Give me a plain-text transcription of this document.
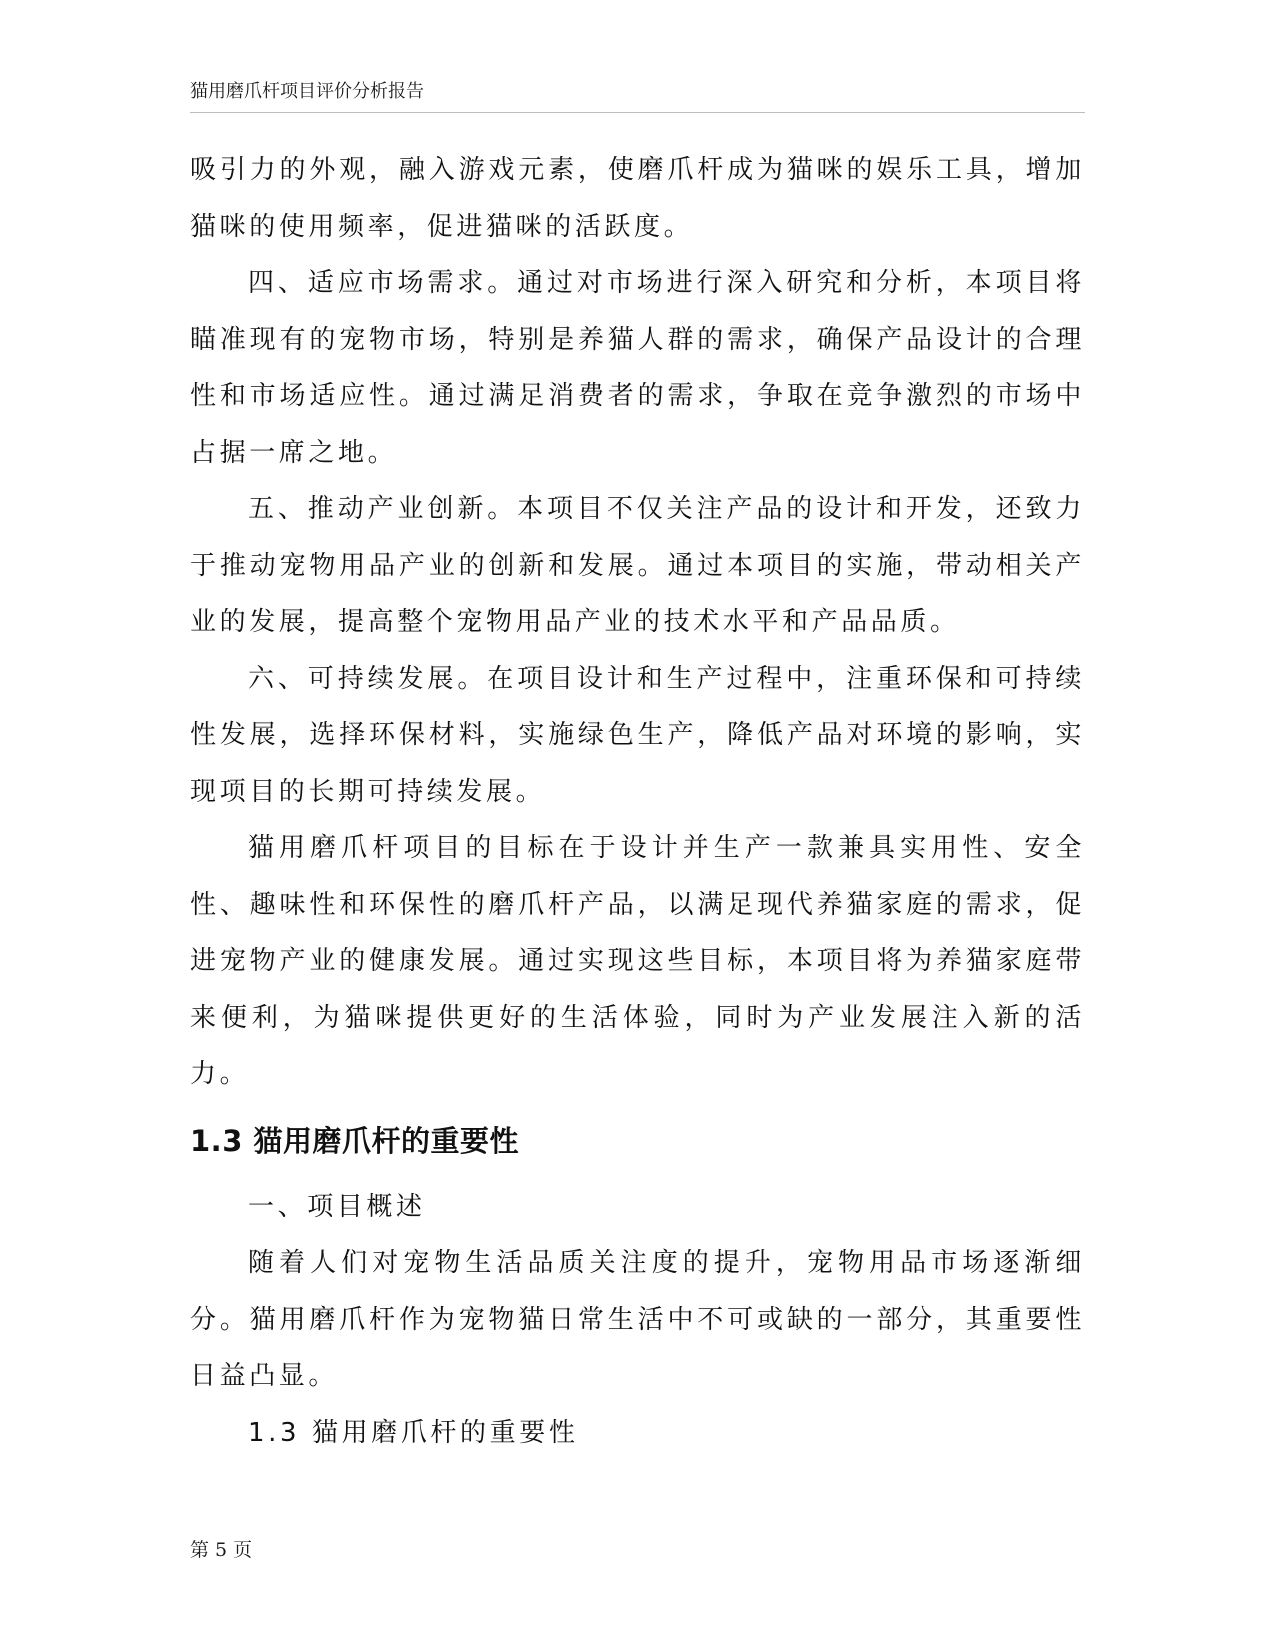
猫用磨爪杆项目评价分析报告

吸引力的外观，融入游戏元素，使磨爪杆成为猫咪的娱乐工具，增加猫咪的使用频率，促进猫咪的活跃度。

四、适应市场需求。通过对市场进行深入研究和分析，本项目将瞄准现有的宠物市场，特别是养猫人群的需求，确保产品设计的合理性和市场适应性。通过满足消费者的需求，争取在竞争激烈的市场中占据一席之地。

五、推动产业创新。本项目不仅关注产品的设计和开发，还致力于推动宠物用品产业的创新和发展。通过本项目的实施，带动相关产业的发展，提高整个宠物用品产业的技术水平和产品品质。

六、可持续发展。在项目设计和生产过程中，注重环保和可持续性发展，选择环保材料，实施绿色生产，降低产品对环境的影响，实现项目的长期可持续发展。

猫用磨爪杆项目的目标在于设计并生产一款兼具实用性、安全性、趣味性和环保性的磨爪杆产品，以满足现代养猫家庭的需求，促进宠物产业的健康发展。通过实现这些目标，本项目将为养猫家庭带来便利，为猫咪提供更好的生活体验，同时为产业发展注入新的活力。

1.3 猫用磨爪杆的重要性

一、项目概述

随着人们对宠物生活品质关注度的提升，宠物用品市场逐渐细分。猫用磨爪杆作为宠物猫日常生活中不可或缺的一部分，其重要性日益凸显。

1.3 猫用磨爪杆的重要性

第 5 页
